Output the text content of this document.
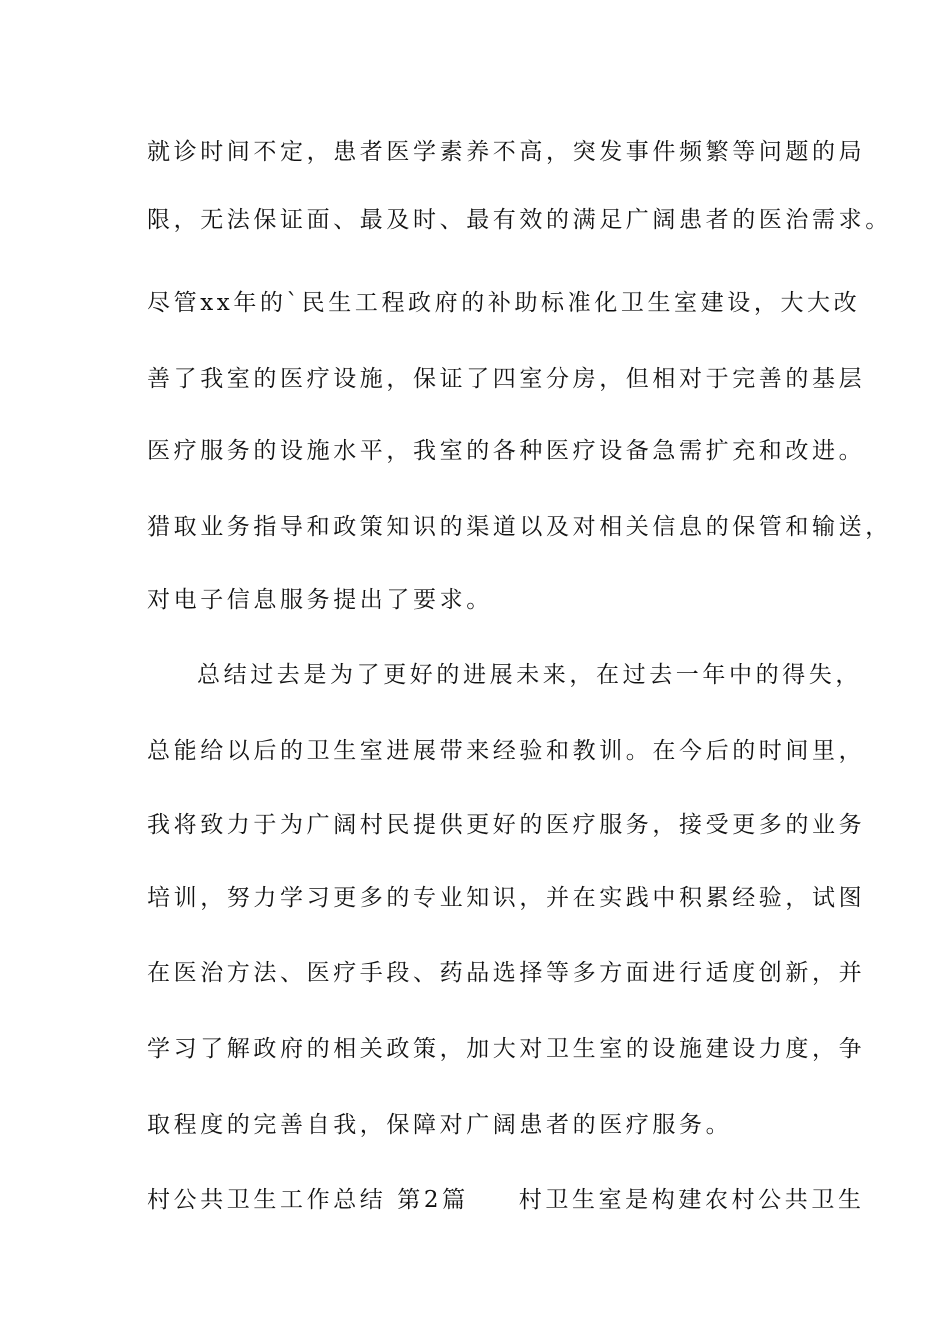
就诊时间不定，患者医学素养不高，突发事件频繁等问题的局
限，无法保证面、最及时、最有效的满足广阔患者的医治需求。
尽管xx年的`民生工程政府的补助标准化卫生室建设，大大改
善了我室的医疗设施，保证了四室分房，但相对于完善的基层
医疗服务的设施水平，我室的各种医疗设备急需扩充和改进。
猎取业务指导和政策知识的渠道以及对相关信息的保管和输送，
对电子信息服务提出了要求。
总结过去是为了更好的进展未来，在过去一年中的得失，
总能给以后的卫生室进展带来经验和教训。在今后的时间里，
我将致力于为广阔村民提供更好的医疗服务，接受更多的业务
培训，努力学习更多的专业知识，并在实践中积累经验，试图
在医治方法、医疗手段、药品选择等多方面进行适度创新，并
学习了解政府的相关政策，加大对卫生室的设施建设力度，争
取程度的完善自我，保障对广阔患者的医疗服务。
村公共卫生工作总结 第2篇 村卫生室是构建农村公共卫生
